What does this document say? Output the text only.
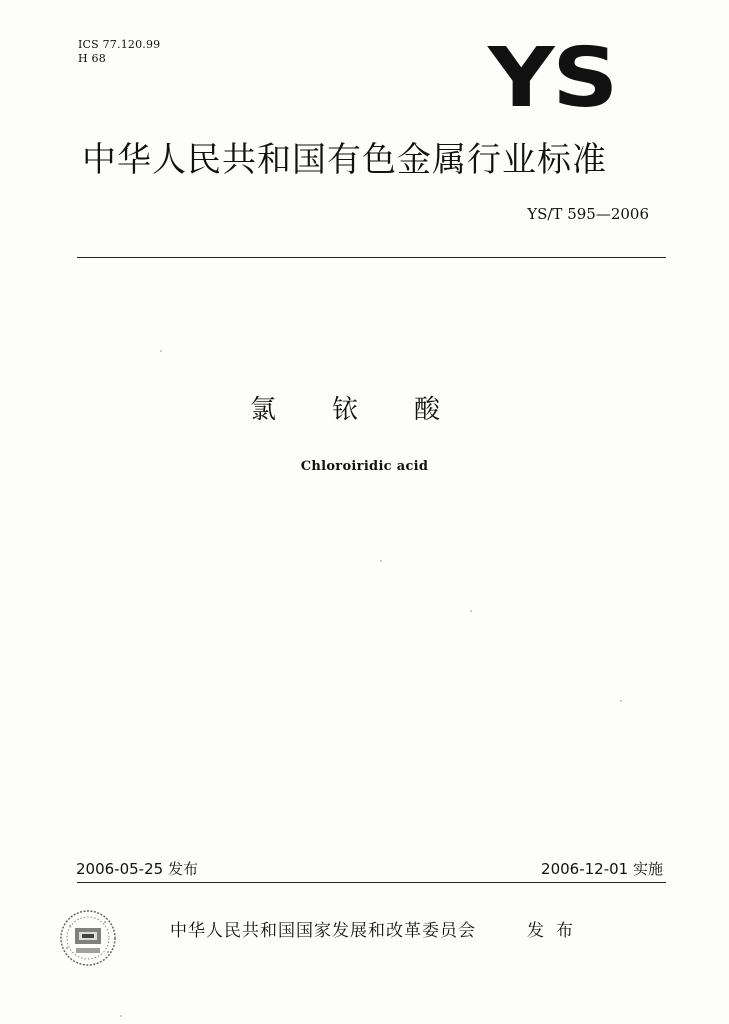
ICS 77.120.99
H 68	YS
中华人民共和国有色金属行业标准
YS/T 595—2006
氯铱酸
Chloroiridic acid
2006-05-25 发布	2006-12-01 实施
中华人民共和国国家发展和改革委员会	发布
